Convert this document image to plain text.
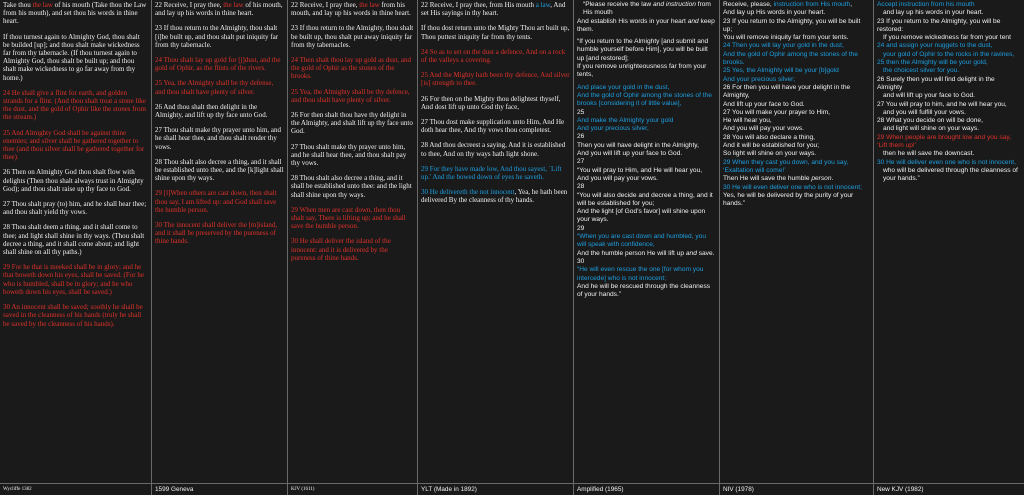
Take thou the law of his mouth (Take thou the Law from his mouth), and set thou his words in thine heart.

If thou turnest again to Almighty God, thou shalt be builded [up]; and thou shalt make wickedness far from thy tabernacle. (If thou turnest again to Almighty God, thou shalt be built up; and thou shalt make wickedness to go far away from thy home.)

24 He shall give a flint for earth, and golden strands for a flint. (And thou shalt treat a stone like the dust, and the gold of Ophir like the stones from the stream.)

25 And Almighty God shall be against thine enemies; and silver shall be gathered together to thee (and thou silver shall be gathered together for thee).

26 Then on Almighty God thou shalt flow with delights (Then thou shalt always trust in Almighty God); and thou shalt raise up thy face to God.

27 Thou shalt pray (to) him, and he shall hear thee; and thou shalt yield thy vows.

28 Thou shalt deem a thing, and it shall come to thee; and light shall shine in thy ways. (Thou shalt decree a thing, and it shall come about; and light shall shine on all thy paths.)

29 For he that is meeked shall be in glory; and he that boweth down his eyes, shall be saved. (For he who is humbled, shall be in glory; and he who boweth down his eyes, shall be saved.)

30 An innocent shall be saved; soothly he shall be saved in the cleanness of his hands (truly he shall be saved by the cleanness of his hands).

Wycliffe 1382

22 Receive, I pray thee, the law of his mouth, and lay up his words in thine heart.

23 If thou return to the Almighty, thou shalt [i]be built up, and thou shalt put iniquity far from thy tabernacle.

24 Thou shalt lay up gold for [j]dust, and the gold of Ophir, as the flints of the rivers.

25 Yea, the Almighty shall be thy defense, and thou shalt have plenty of silver.

26 And thou shalt then delight in the Almighty, and lift up thy face unto God.

27 Thou shalt make thy prayer unto him, and he shall hear thee, and thou shalt render thy vows.

28 Thou shalt also decree a thing, and it shall be established unto thee, and the [k]light shall shine upon thy ways.

29 [l]When others are cast down, then shalt thou say, I am lifted up: and God shall save the humble person.

30 The innocent shall deliver the [m]island, and it shall be preserved by the pureness of thine hands.

1599 Geneva

22 Receive, I pray thee, the law from his mouth, and lay up his words in thine heart.

23 If thou return to the Almighty, thou shalt be built up, thou shalt put away iniquity far from thy tabernacles.

24 Then shalt thou lay up gold as dust, and the gold of Ophir as the stones of the brooks.

25 Yea, the Almighty shall be thy defence, and thou shalt have plenty of silver.

26 For then shalt thou have thy delight in the Almighty, and shalt lift up thy face unto God.

27 Thou shalt make thy prayer unto him, and he shall hear thee, and thou shalt pay thy vows.

28 Thou shalt also decree a thing, and it shall be established unto thee: and the light shall shine upon thy ways.

29 When men are cast down, then thou shalt say, There is lifting up; and he shall save the humble person.

30 He shall deliver the island of the innocent: and it is delivered by the pureness of thine hands.

KJV (1611)

22 Receive, I pray thee, from His mouth a law, And set His sayings in thy heart.

If thou dost return unto the Mighty Thou art built up, Thou puttest iniquity far from thy tents.

24 So as to set on the dust a defence, And on a rock of the valleys a covering.

25 And the Mighty hath been thy defence, And silver [is] strength to thee.

26 For then on the Mighty thou delightest thyself, And dost lift up unto God thy face,

27 Thou dost make supplication unto Him, And He doth hear thee, And thy vows thou completest.

28 And thou decreest a saying, And it is established to thee, And on thy ways hath light shone.

29 For they have made low, And thou sayest, `Lift up.' And the bowed down of eyes he saveth.

30 He delivereth the not innocent, Yea, he hath been delivered By the cleanness of thy hands.

YLT (Made in 1892)
“Please receive the law and instruction from His mouth
And establish His words in your heart and keep them.
“If you return to the Almighty [and submit and humble yourself before Him], you will be built up [and restored];
If you remove unrighteousness far from your tents,
And place your gold in the dust,
And the gold of Ophir among the stones of the brooks [considering it of little value],
25
And make the Almighty your gold
And your precious silver,
26
Then you will have delight in the Almighty,
And you will lift up your face to God.
27
“You will pray to Him, and He will hear you,
And you will pay your vows.
28
“You will also decide and decree a thing, and it will be established for you;
And the light [of God’s favor] will shine upon your ways.
29
“When you are cast down and humbled, you will speak with confidence,
And the humble person He will lift up and save.
30
“He will even rescue the one [for whom you intercede] who is not innocent;
And he will be rescued through the cleanness of your hands.”
Amplified (1965)
Receive, please, instruction from His mouth,
And lay up His words in your heart.
23 If you return to the Almighty, you will be built up;
You will remove iniquity far from your tents.
24 Then you will lay your gold in the dust,
And the gold of Ophir among the stones of the brooks.
25 Yes, the Almighty will be your [b]gold
And your precious silver;
26 For then you will have your delight in the Almighty,
And lift up your face to God.
27 You will make your prayer to Him,
He will hear you,
And you will pay your vows.
28 You will also declare a thing,
And it will be established for you;
So light will shine on your ways.
29 When they cast you down, and you say, ‘Exaltation will come!’
Then He will save the humble person.
30 He will even deliver one who is not innocent;
Yes, he will be delivered by the purity of your hands.”
NIV (1978)
Accept instruction from his mouth
and lay up his words in your heart.
23 If you return to the Almighty, you will be restored:
If you remove wickedness far from your tent
24 and assign your nuggets to the dust,
your gold of Ophir to the rocks in the ravines,
25 then the Almighty will be your gold,
the choicest silver for you.
26 Surely then you will find delight in the Almighty
and will lift up your face to God.
27 You will pray to him, and he will hear you,
and you will fulfill your vows.
28 What you decide on will be done,
and light will shine on your ways.
29 When people are brought low and you say, ‘Lift them up!’
then he will save the downcast.
30 He will deliver even one who is not innocent,
who will be delivered through the cleanness of your hands.”
New KJV (1982)
